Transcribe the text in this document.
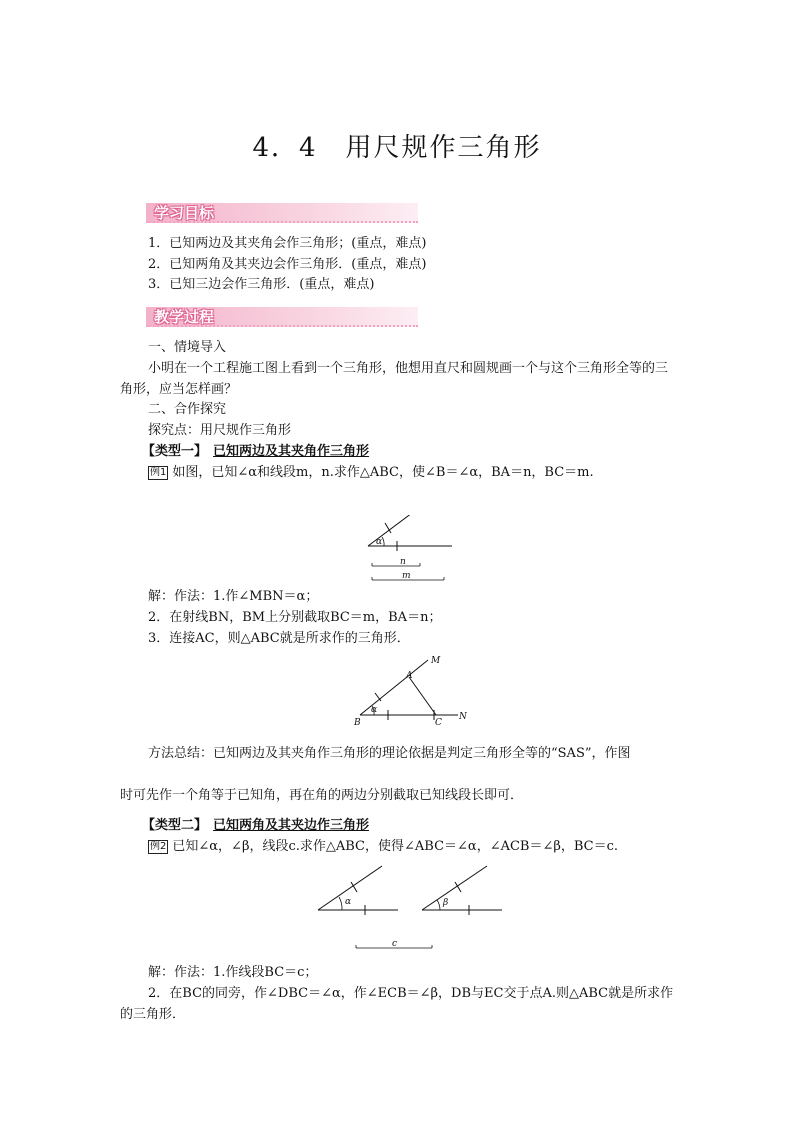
4．4　用尺规作三角形
学习目标
1．已知两边及其夹角会作三角形；(重点，难点)
2．已知两角及其夹边会作三角形．(重点，难点)
3．已知三边会作三角形．(重点，难点)
教学过程
一、情境导入
小明在一个工程施工图上看到一个三角形，他想用直尺和圆规画一个与这个三角形全等的三角形，应当怎样画？
二、合作探究
探究点：用尺规作三角形
【类型一】 已知两边及其夹角作三角形
例1 如图，已知∠α和线段m，n.求作△ABC，使∠B＝∠α，BA＝n，BC＝m.
α
n
m
解：作法：1.作∠MBN＝α；
2．在射线BN，BM上分别截取BC＝m，BA＝n；
3．连接AC，则△ABC就是所求作的三角形．
M
A
α
B	C
N
方法总结：已知两边及其夹角作三角形的理论依据是判定三角形全等的“SAS”，作图
时可先作一个角等于已知角，再在角的两边分别截取已知线段长即可．
【类型二】 已知两角及其夹边作三角形
例2 已知∠α，∠β，线段c.求作△ABC，使得∠ABC＝∠α，∠ACB＝∠β，BC＝c.
α	β
c
解：作法：1.作线段BC＝c；
2．在BC的同旁，作∠DBC＝∠α，作∠ECB＝∠β，DB与EC交于点A.则△ABC就是所求作的三角形．
